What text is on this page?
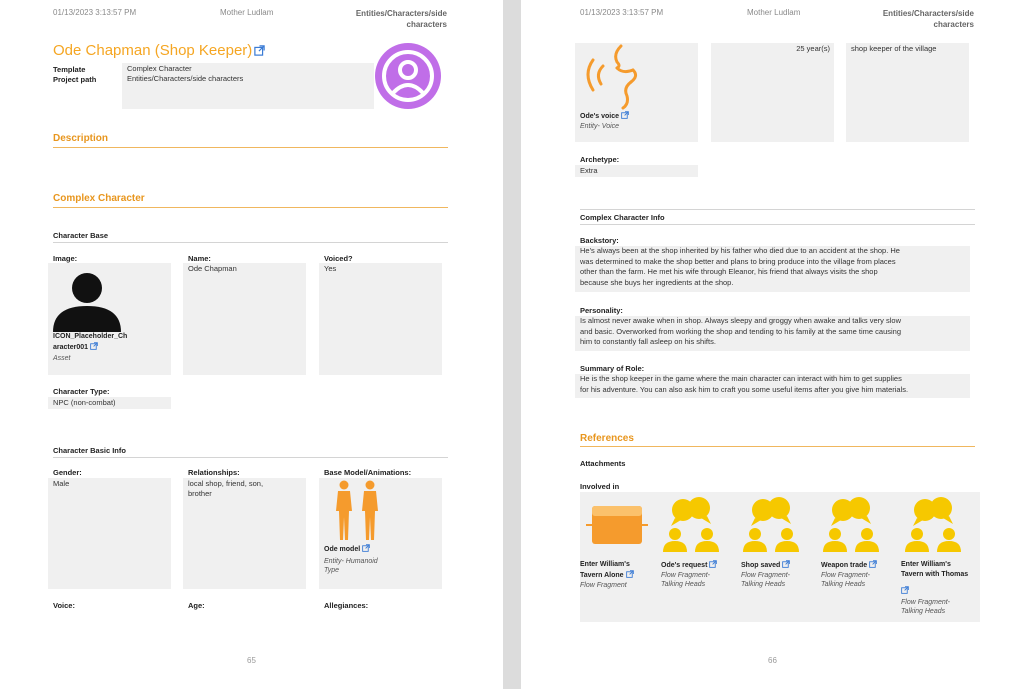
01/13/2023 3:13:57 PM	Mother Ludlam	Entities/Characters/side
characters
Ode Chapman (Shop Keeper)
Template	Complex Character
Project path	Entities/Characters/side characters
Description
Complex Character
Character Base
Image:
ICON_Placeholder_Ch
aracter001
Asset
Name:
Ode Chapman
Voiced?
Yes
Character Type:
NPC (non-combat)
Character Basic Info
Gender:
Male
Relationships:
local shop, friend, son,
brother
Base Model/Animations:
Ode model
Entity- Humanoid
Type
Voice:	Age:	Allegiances:
65
01/13/2023 3:13:57 PM	Mother Ludlam	Entities/Characters/side
characters
Ode's voice
Entity- Voice
25 year(s)	shop keeper of the village
Archetype:
Extra
Complex Character Info
Backstory:
He's always been at the shop inherited by his father who died due to an accident at the shop. He
was determined to make the shop better and plans to bring produce into the village from places
other than the farm. He met his wife through Eleanor, his friend that always visits the shop
because she buys her ingredients at the shop.
Personality:
Is almost never awake when in shop. Always sleepy and groggy when awake and talks very slow
and basic. Overworked from working the shop and tending to his family at the same time causing
him to constantly fall asleep on his shifts.
Summary of Role:
He is the shop keeper in the game where the main character can interact with him to get supplies
for his adventure. You can also ask him to craft you some useful items after you give him materials.
References
Attachments
Involved in
Enter William's
Tavern Alone
Flow Fragment
Ode's request
Flow Fragment-
Talking Heads
Shop saved
Flow Fragment-
Talking Heads
Weapon trade
Flow Fragment-
Talking Heads
Enter William's
Tavern with Thomas
Flow Fragment-
Talking Heads
66
